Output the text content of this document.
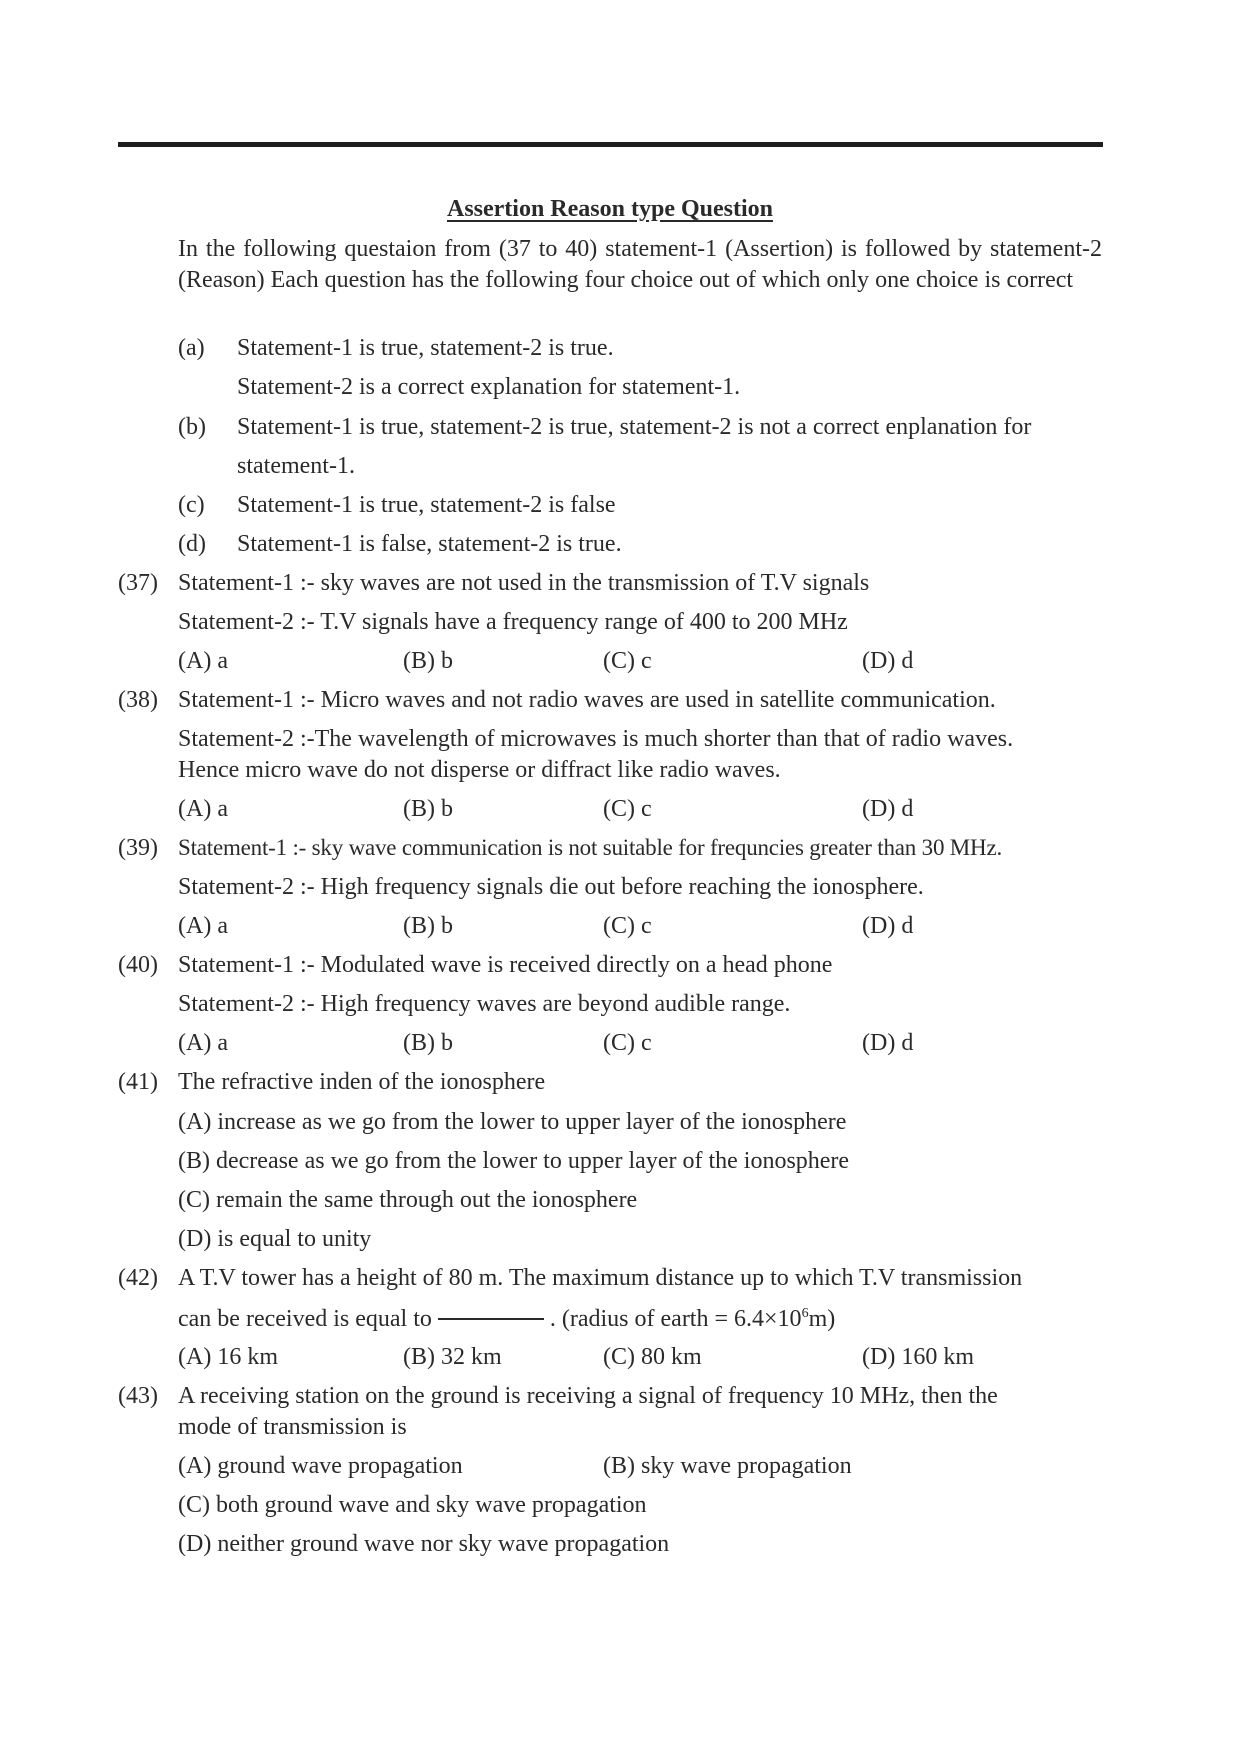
Assertion Reason type Question
In the following questaion from (37 to 40) statement-1 (Assertion) is followed by statement-2 (Reason) Each question has the following four choice out of which only one choice is correct
(a) Statement-1 is true, statement-2 is true.
Statement-2 is a correct explanation for statement-1.
(b) Statement-1 is true, statement-2 is true, statement-2 is not a correct enplanation for
statement-1.
(c) Statement-1 is true, statement-2 is false
(d) Statement-1 is false, statement-2 is true.
(37) Statement-1 :- sky waves are not used in the transmission of T.V signals
Statement-2 :- T.V signals have a frequency range of 400 to 200 MHz
(A) a	(B) b	(C) c	(D) d
(38) Statement-1 :- Micro waves and not radio waves are used in satellite communication.
Statement-2 :-The wavelength of microwaves is much shorter than that of radio waves.
Hence micro wave do not disperse or diffract like radio waves.
(A) a	(B) b	(C) c	(D) d
(39) Statement-1 :- sky wave communication is not suitable for frequncies greater than 30 MHz.
Statement-2 :- High frequency signals die out before reaching the ionosphere.
(A) a	(B) b	(C) c	(D) d
(40) Statement-1 :- Modulated wave is received directly on a head phone
Statement-2 :- High frequency waves are beyond audible range.
(A) a	(B) b	(C) c	(D) d
(41) The refractive inden of the ionosphere
(A) increase as we go from the lower to upper layer of the ionosphere
(B) decrease as we go from the lower to upper layer of the ionosphere
(C) remain the same through out the ionosphere
(D) is equal to unity
(42) A T.V tower has a height of 80 m. The maximum distance up to which T.V transmission
can be received is equal to	. (radius of earth = $6.4\times 10^6m$)
(A) 16 km	(B) 32 km	(C) 80 km	(D) 160 km
(43) A receiving station on the ground is receiving a signal of frequency 10 MHz, then the
mode of transmission is
(A) ground wave propagation	(B) sky wave propagation
(C) both ground wave and sky wave propagation
(D) neither ground wave nor sky wave propagation
